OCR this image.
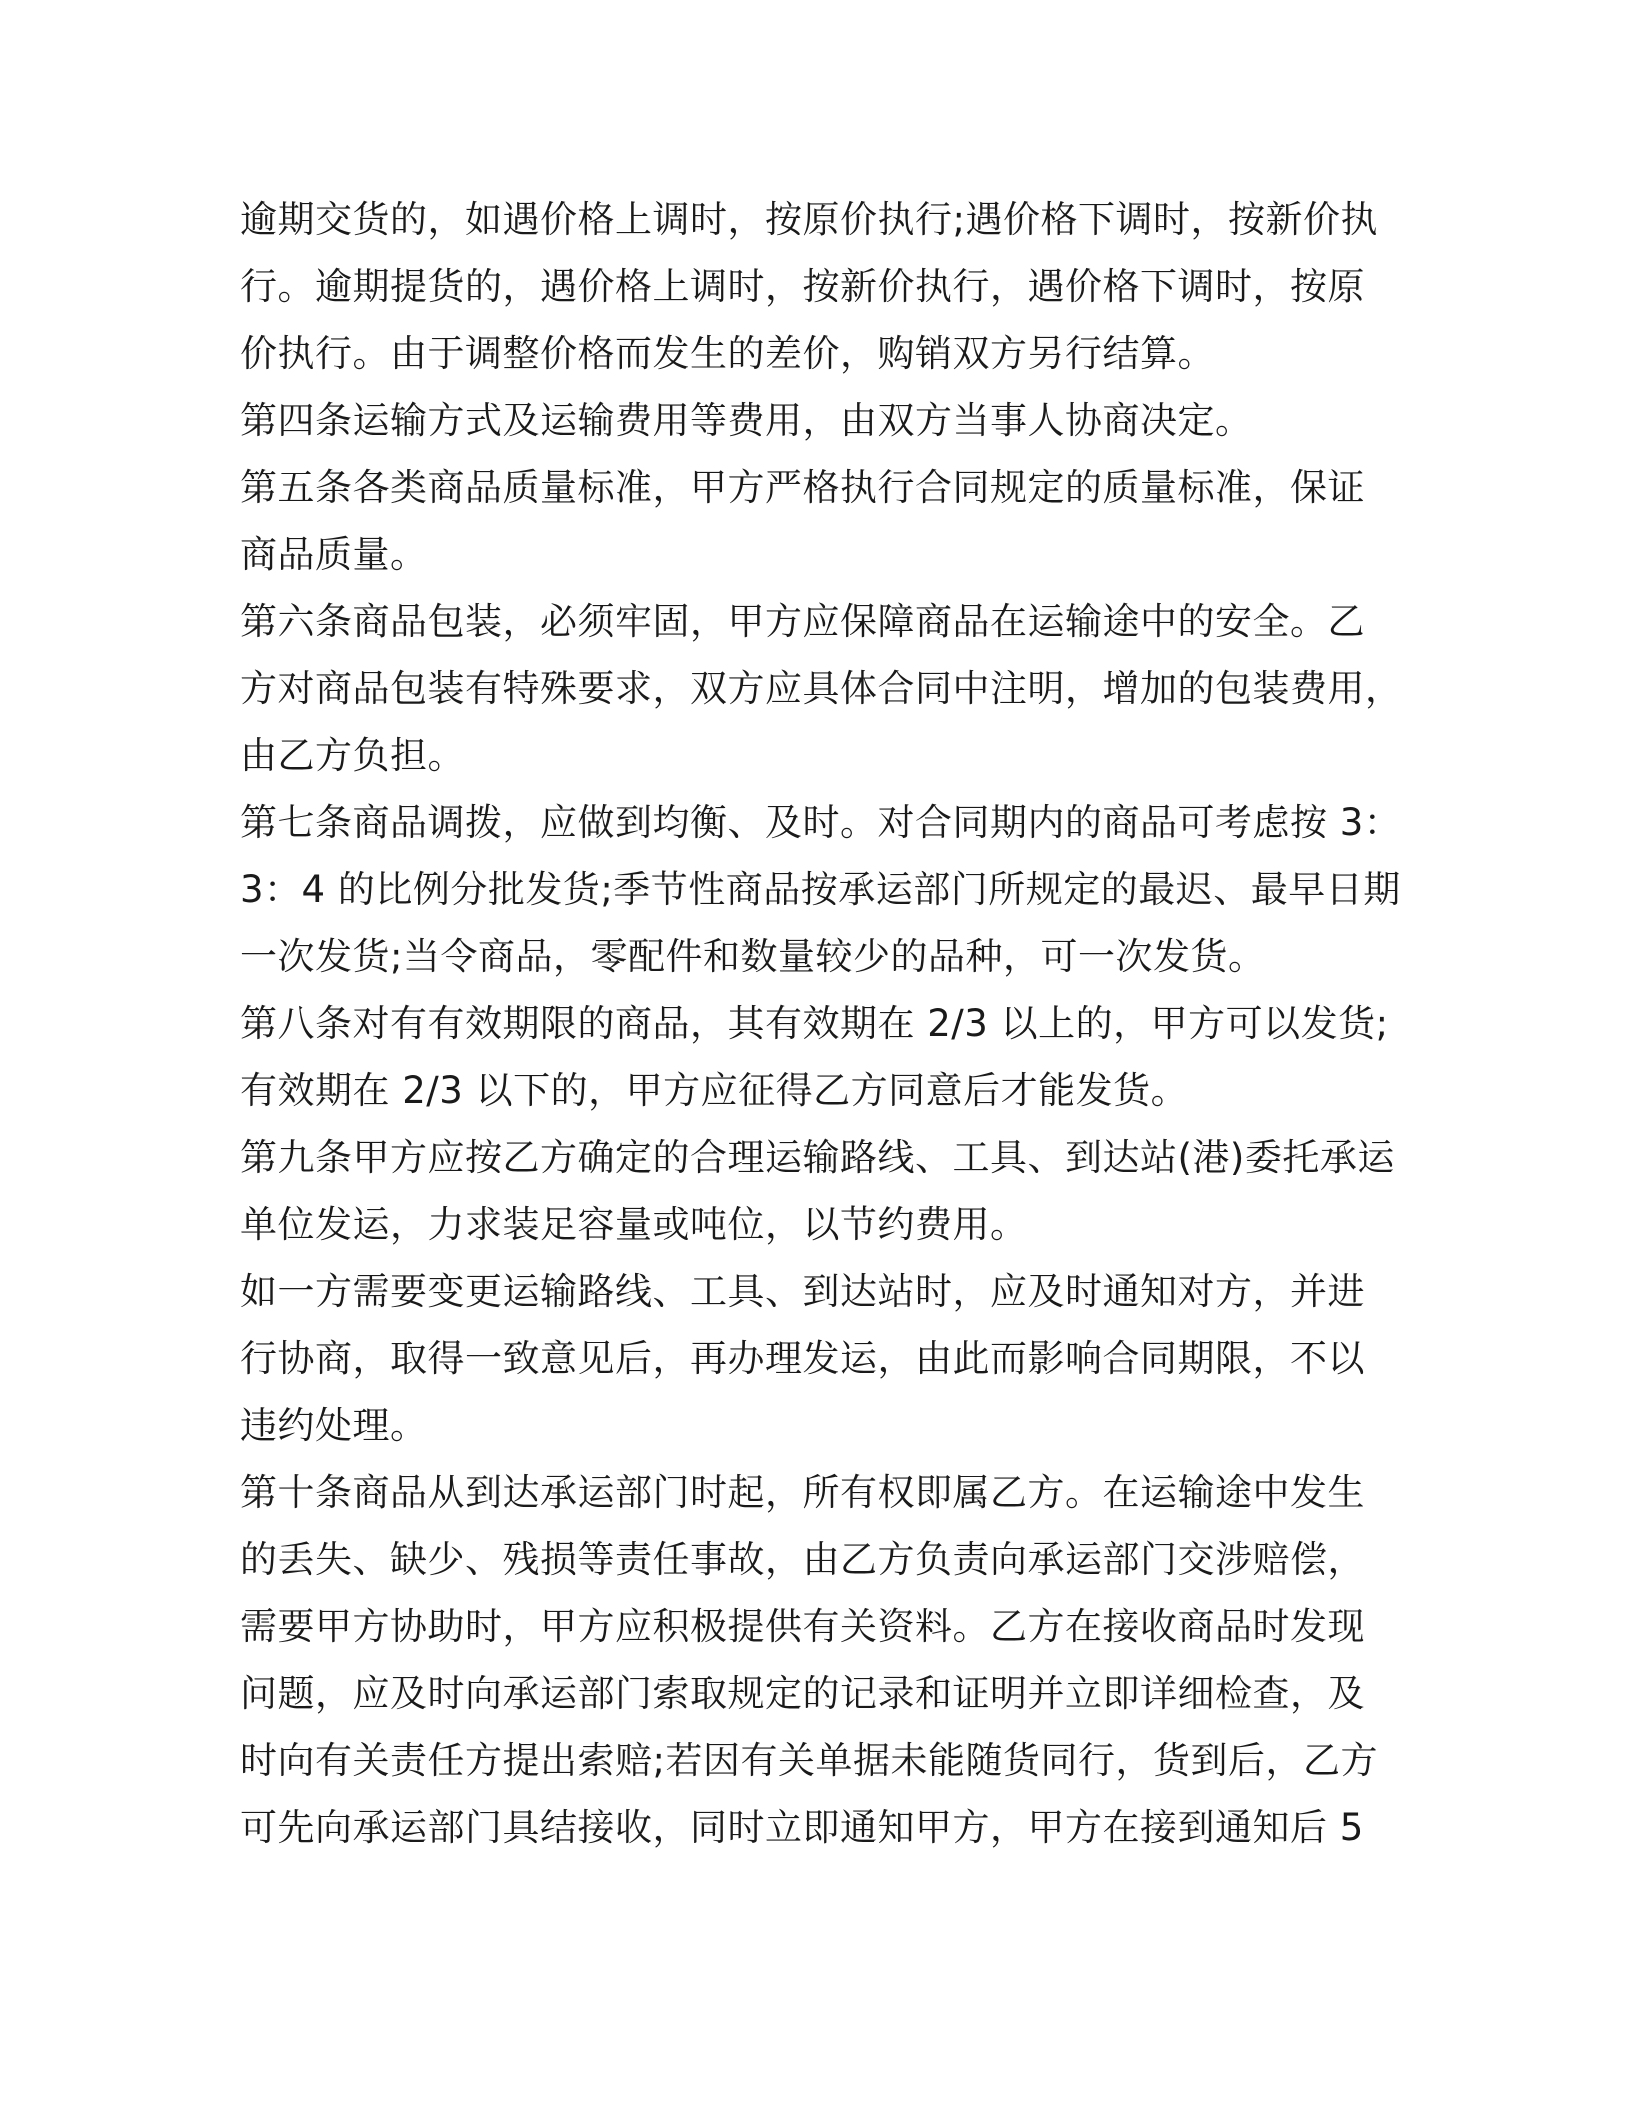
逾期交货的，如遇价格上调时，按原价执行;遇价格下调时，按新价执
行。逾期提货的，遇价格上调时，按新价执行，遇价格下调时，按原
价执行。由于调整价格而发生的差价，购销双方另行结算。
第四条运输方式及运输费用等费用，由双方当事人协商决定。
第五条各类商品质量标准，甲方严格执行合同规定的质量标准，保证
商品质量。
第六条商品包装，必须牢固，甲方应保障商品在运输途中的安全。乙
方对商品包装有特殊要求，双方应具体合同中注明，增加的包装费用，
由乙方负担。
第七条商品调拨，应做到均衡、及时。对合同期内的商品可考虑按 3：
3：4 的比例分批发货;季节性商品按承运部门所规定的最迟、最早日期
一次发货;当令商品，零配件和数量较少的品种，可一次发货。
第八条对有有效期限的商品，其有效期在 2/3 以上的，甲方可以发货;
有效期在 2/3 以下的，甲方应征得乙方同意后才能发货。
第九条甲方应按乙方确定的合理运输路线、工具、到达站(港)委托承运
单位发运，力求装足容量或吨位，以节约费用。
如一方需要变更运输路线、工具、到达站时，应及时通知对方，并进
行协商，取得一致意见后，再办理发运，由此而影响合同期限，不以
违约处理。
第十条商品从到达承运部门时起，所有权即属乙方。在运输途中发生
的丢失、缺少、残损等责任事故，由乙方负责向承运部门交涉赔偿，
需要甲方协助时，甲方应积极提供有关资料。乙方在接收商品时发现
问题，应及时向承运部门索取规定的记录和证明并立即详细检查，及
时向有关责任方提出索赔;若因有关单据未能随货同行，货到后，乙方
可先向承运部门具结接收，同时立即通知甲方，甲方在接到通知后 5
